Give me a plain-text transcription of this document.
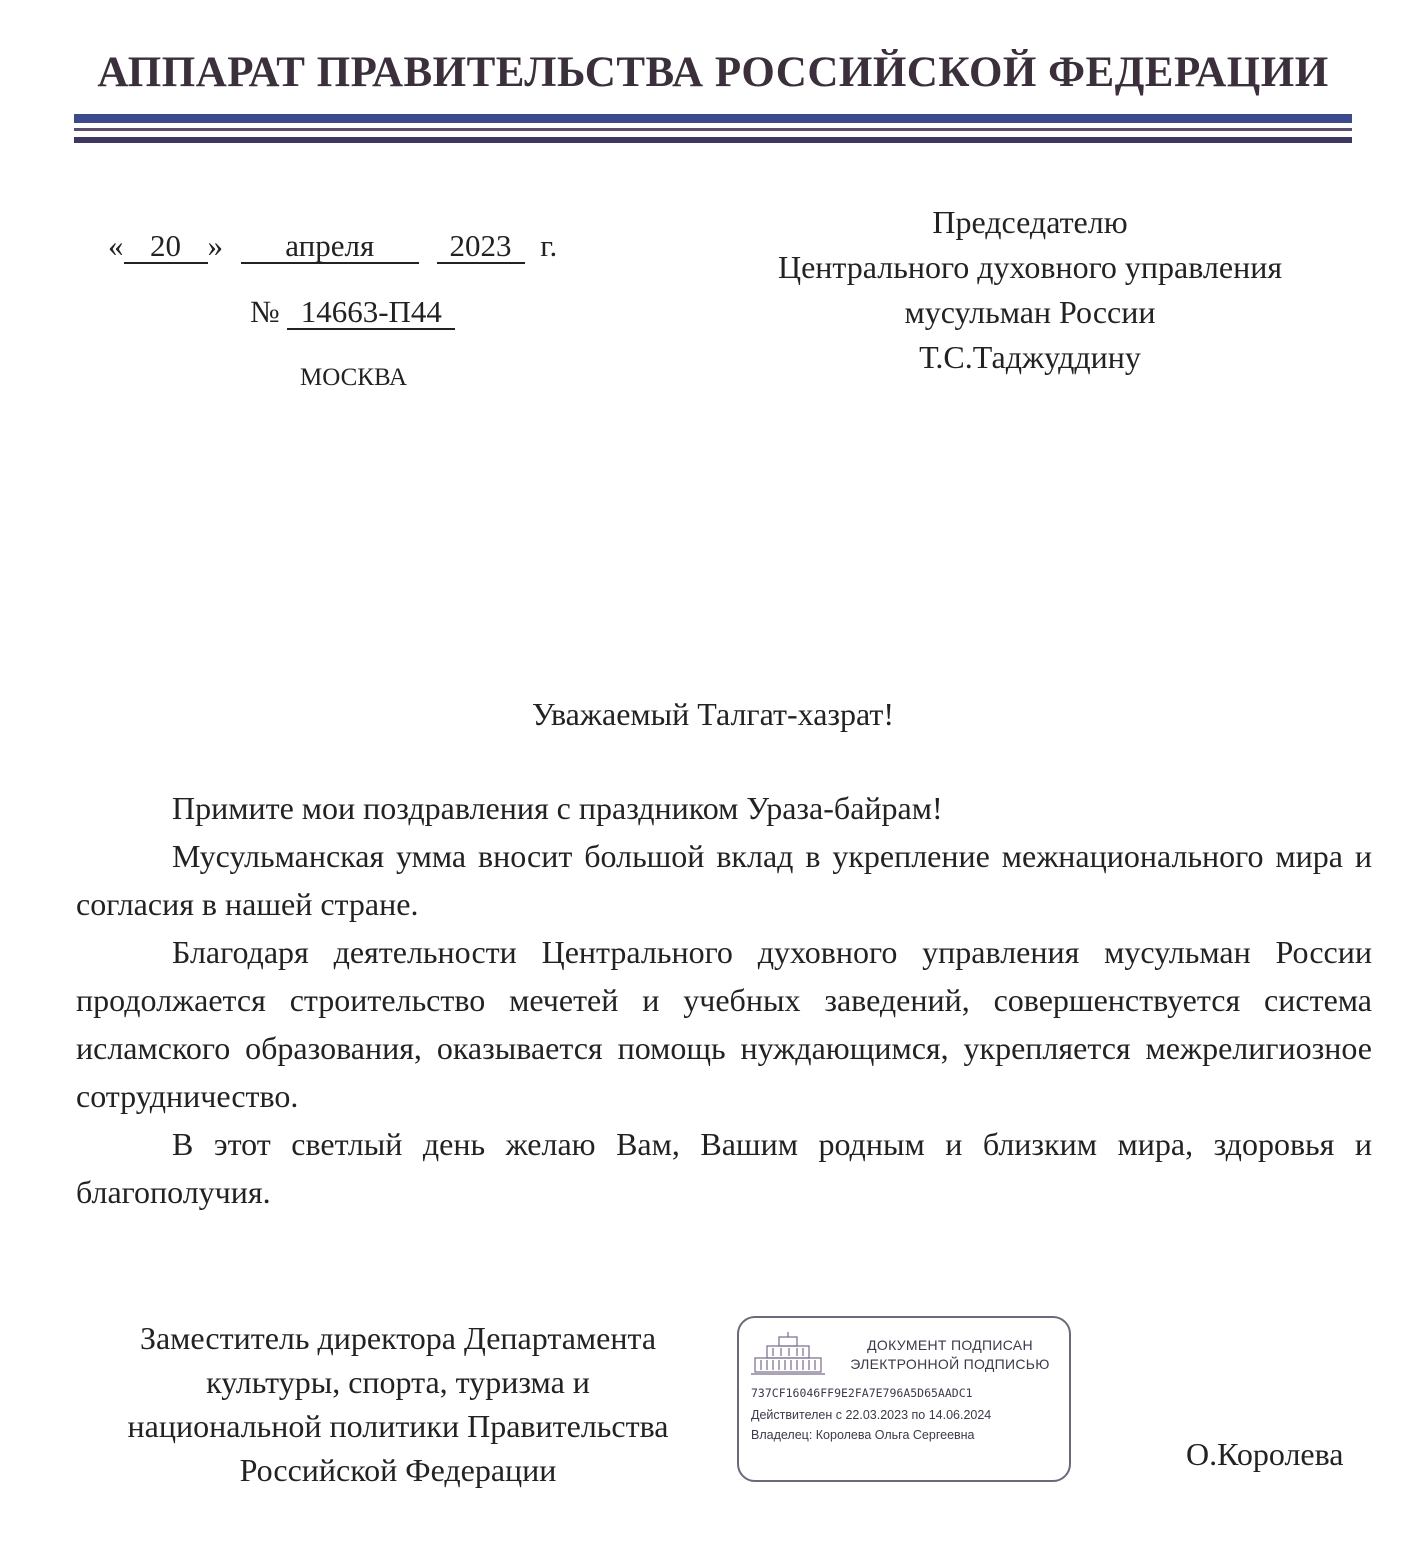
АППАРАТ ПРАВИТЕЛЬСТВА РОССИЙСКОЙ ФЕДЕРАЦИИ
« 20 » апреля 2023 г.
№ 14663-П44
МОСКВА
Председателю
Центрального духовного управления
мусульман России
Т.С.Таджуддину
Уважаемый Талгат-хазрат!

Примите мои поздравления с праздником Ураза-байрам!

Мусульманская умма вносит большой вклад в укрепление межнационального мира и согласия в нашей стране.

Благодаря деятельности Центрального духовного управления мусульман России продолжается строительство мечетей и учебных заведений, совершенствуется система исламского образования, оказывается помощь нуждающимся, укрепляется межрелигиозное сотрудничество.

В этот светлый день желаю Вам, Вашим родным и близким мира, здоровья и благополучия.

Заместитель директора Департамента
культуры, спорта, туризма и
национальной политики Правительства
Российской Федерации
ДОКУМЕНТ ПОДПИСАН
ЭЛЕКТРОННОЙ ПОДПИСЬЮ
737CF16046FF9E2FA7E796A5D65AADC1
Действителен с 22.03.2023 по 14.06.2024
Владелец: Королева Ольга Сергеевна
О.Королева
